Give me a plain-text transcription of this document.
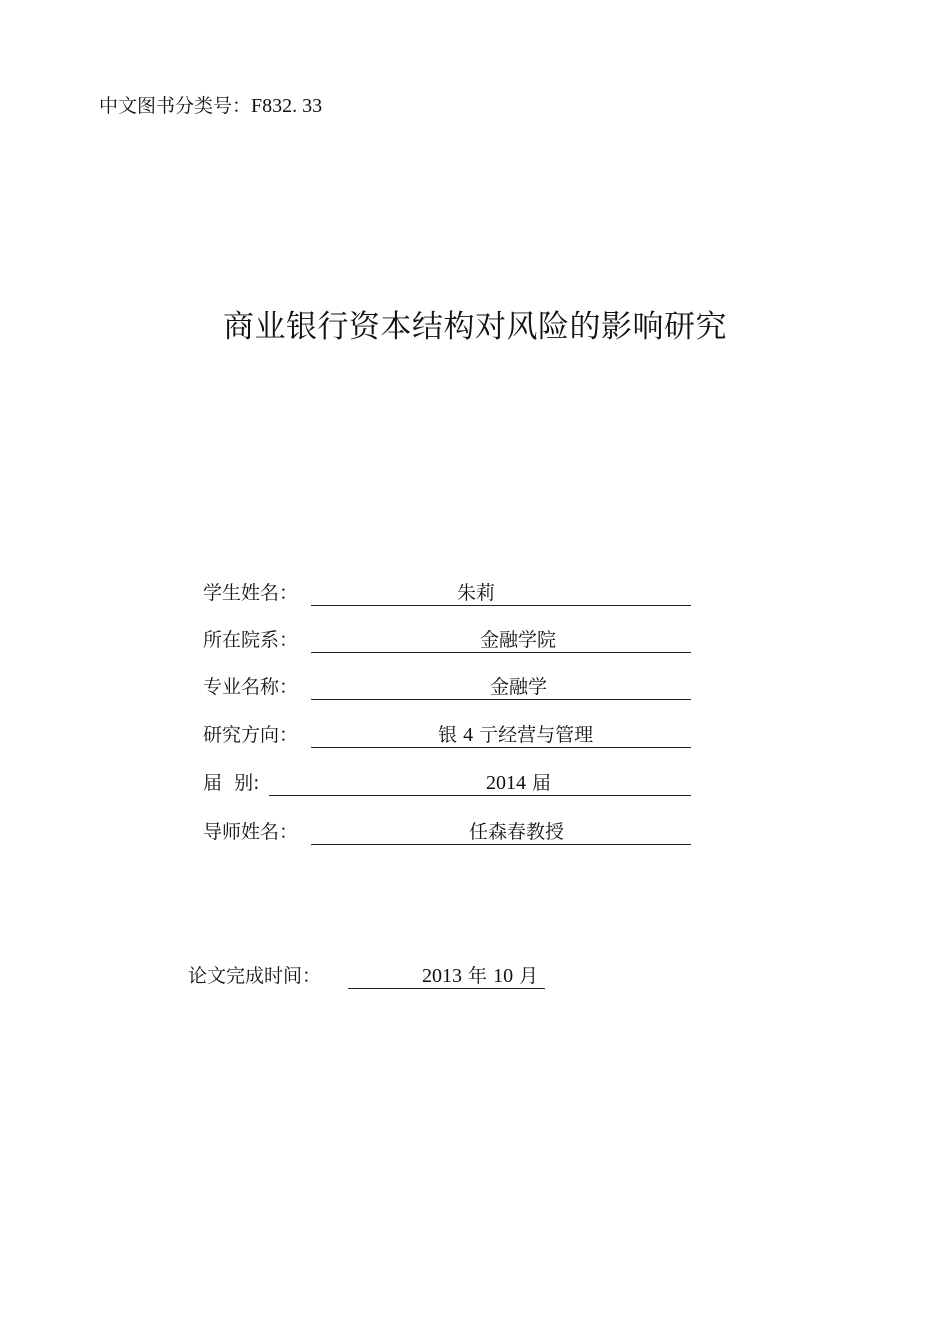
中文图书分类号：F832. 33
商业银行资本结构对风险的影响研究
学生姓名：	朱莉
所在院系：	金融学院
专业名称：	金融学
研究方向：	银 4 亍经营与管理
届  别:	2014 届
导师姓名：	任森春教授
论文完成时间：	2013 年 10 月
